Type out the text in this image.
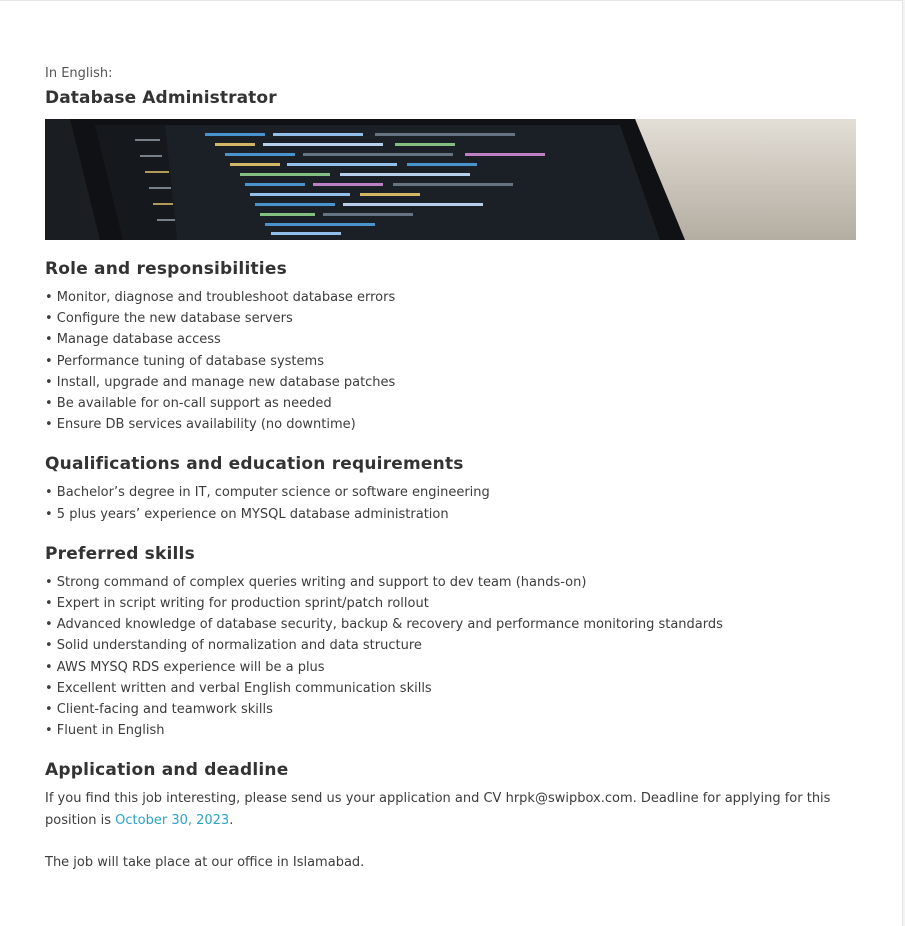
In English:
Database Administrator
Role and responsibilities
• Monitor, diagnose and troubleshoot database errors
• Configure the new database servers
• Manage database access
• Performance tuning of database systems
• Install, upgrade and manage new database patches
• Be available for on-call support as needed
• Ensure DB services availability (no downtime)
Qualifications and education requirements
• Bachelor’s degree in IT, computer science or software engineering
• 5 plus years’ experience on MYSQL database administration
Preferred skills
• Strong command of complex queries writing and support to dev team (hands-on)
• Expert in script writing for production sprint/patch rollout
• Advanced knowledge of database security, backup & recovery and performance monitoring standards
• Solid understanding of normalization and data structure
• AWS MYSQ RDS experience will be a plus
• Excellent written and verbal English communication skills
• Client-facing and teamwork skills
• Fluent in English
Application and deadline

If you find this job interesting, please send us your application and CV hrpk@swipbox.com. Deadline for applying for this position is October 30, 2023.

The job will take place at our office in Islamabad.
